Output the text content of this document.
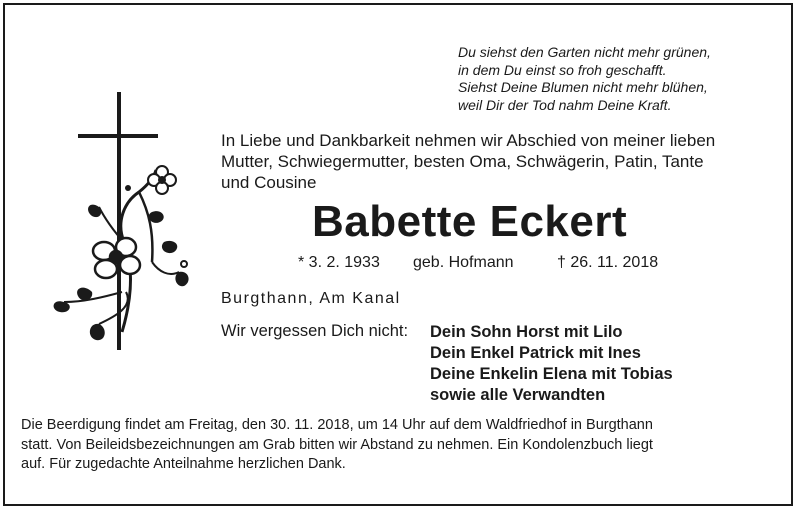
Du siehst den Garten nicht mehr grünen,
in dem Du einst so froh geschafft.
Siehst Deine Blumen nicht mehr blühen,
weil Dir der Tod nahm Deine Kraft.
In Liebe und Dankbarkeit nehmen wir Abschied von meiner lieben
Mutter, Schwiegermutter, besten Oma, Schwägerin, Patin, Tante
und Cousine
Babette Eckert
* 3. 2. 1933 geb. Hofmann	† 26. 11. 2018
Burgthann, Am Kanal
Wir vergessen Dich nicht: Dein Sohn Horst mit Lilo
Dein Enkel Patrick mit Ines
Deine Enkelin Elena mit Tobias
sowie alle Verwandten
Die Beerdigung findet am Freitag, den 30. 11. 2018, um 14 Uhr auf dem Waldfriedhof in Burgthann
statt. Von Beileidsbezeichnungen am Grab bitten wir Abstand zu nehmen. Ein Kondolenzbuch liegt
auf. Für zugedachte Anteilnahme herzlichen Dank.
